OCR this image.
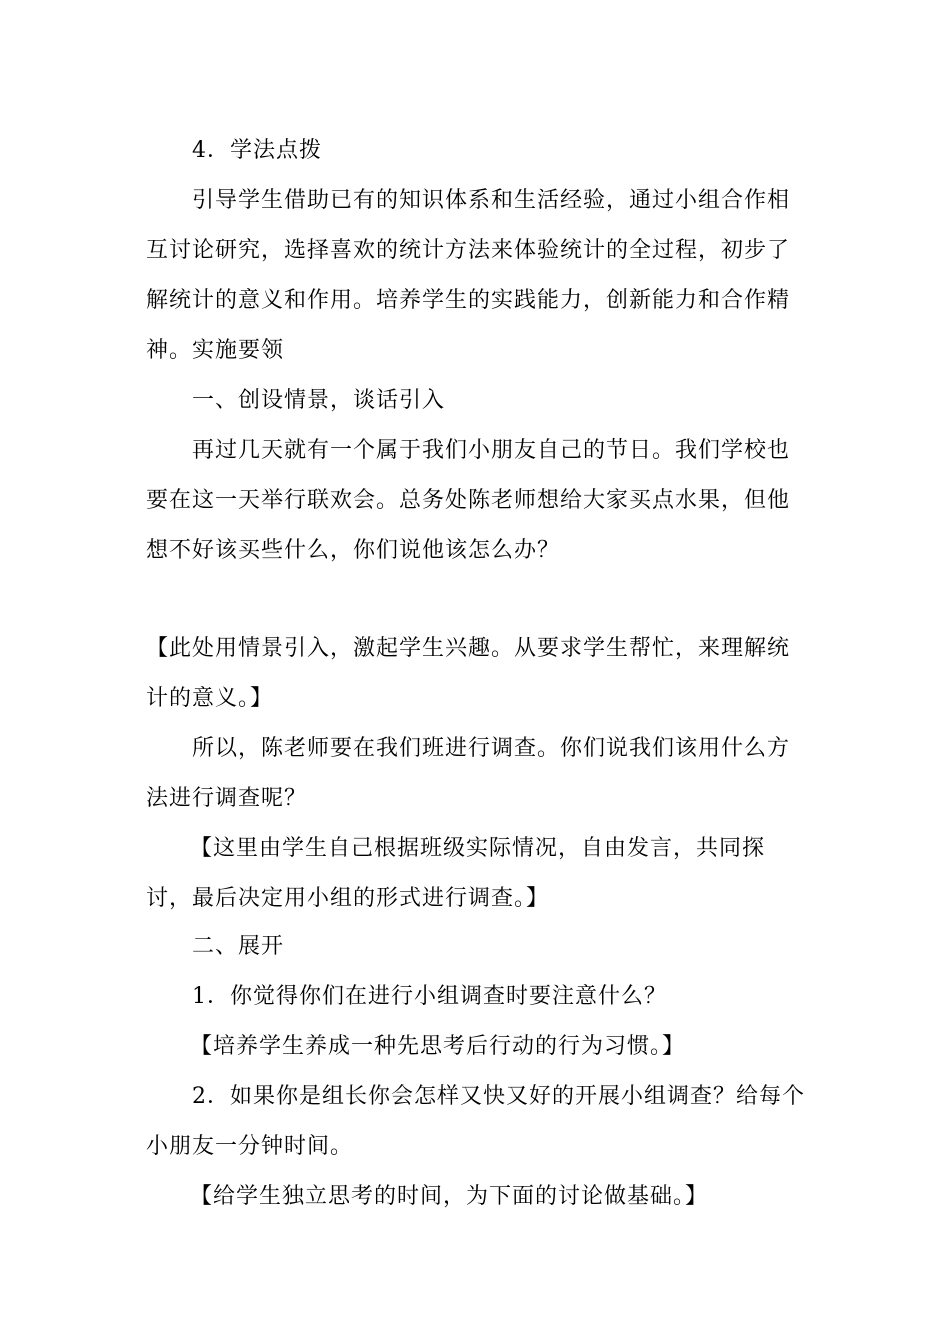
4．学法点拨
引导学生借助已有的知识体系和生活经验，通过小组合作相互讨论研究，选择喜欢的统计方法来体验统计的全过程，初步了解统计的意义和作用。培养学生的实践能力，创新能力和合作精神。 实施要领
一、创设情景，谈话引入
再过几天就有一个属于我们小朋友自己的节日。我们学校也要在这一天举行联欢会。总务处陈老师想给大家买点水果，但他想不好该买些什么，你们说他该怎么办？
【此处用情景引入，激起学生兴趣。从要求学生帮忙，来理解统计的意义。】
所以，陈老师要在我们班进行调查。你们说我们该用什么方法进行调查呢？
【这里由学生自己根据班级实际情况，自由发言，共同探讨，最后决定用小组的形式进行调查。】
二、展开
1．你觉得你们在进行小组调查时要注意什么？
【培养学生养成一种先思考后行动的行为习惯。】
2．如果你是组长你会怎样又快又好的开展小组调查？给每个小朋友一分钟时间。
【给学生独立思考的时间，为下面的讨论做基础。】
